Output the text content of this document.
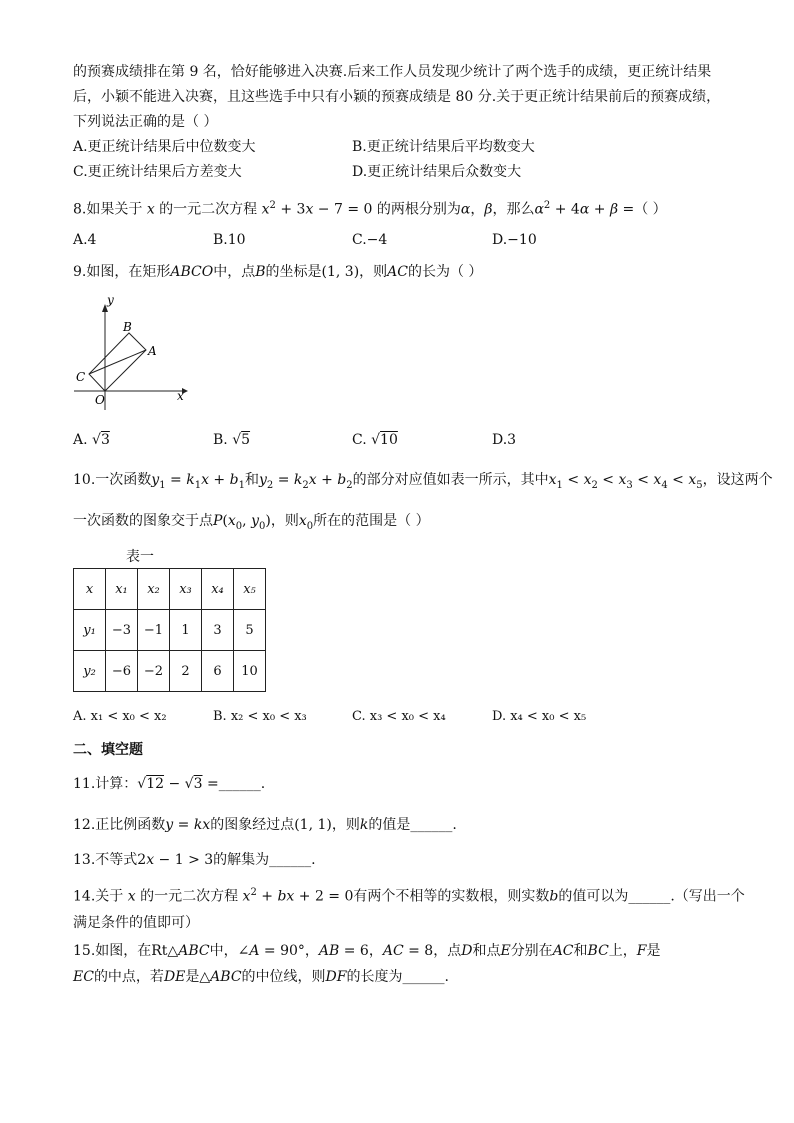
的预赛成绩排在第 9 名，恰好能够进入决赛.后来工作人员发现少统计了两个选手的成绩，更正统计结果
后，小颖不能进入决赛，且这些选手中只有小颖的预赛成绩是 80 分.关于更正统计结果前后的预赛成绩，
下列说法正确的是（ ）
A.更正统计结果后中位数变大	B.更正统计结果后平均数变大
C.更正统计结果后方差变大	D.更正统计结果后众数变大
8.如果关于 x 的一元二次方程 $x^2 + 3x - 7 = 0$ 的两根分别为α，β，那么$\alpha^2 + 4\alpha + \beta$ =（ ）
A.4	B.10	C.−4	D.−10
9.如图，在矩形ABCO中，点B的坐标是(1, 3)，则AC的长为（ ）
y
x
B
A
C
O
A. √3	B. √5	C. √10	D.3
10.一次函数$y_1 = k_1x + b_1$和$y_2 = k_2x + b_2$的部分对应值如表一所示，其中$x_1 < x_2 < x_3 < x_4 < x_5$，设这两个
一次函数的图象交于点$P(x_0$, $y_0$)，则$x_0$所在的范围是（ ）
表一
x	x₁	x₂	x₃	x₄	x₅
y₁	−3	−1	1	3	5
y₂	−6	−2	2	6	10
A. x₁ < x₀ < x₂	B. x₂ < x₀ < x₃	C. x₃ < x₀ < x₄	D. x₄ < x₀ < x₅
二、填空题
11.计算：√12 − √3 =______.
12.正比例函数y = kx的图象经过点(1, 1)，则k的值是______.
13.不等式2x − 1 > 3的解集为______.
14.关于 x 的一元二次方程 $x^2$ + bx + 2 = 0有两个不相等的实数根，则实数b的值可以为______.（写出一个
满足条件的值即可）
15.如图，在Rt△ABC中，∠A = 90°，AB = 6，AC = 8，点D和点E分别在AC和BC上，F是
EC的中点，若DE是△ABC的中位线，则DF的长度为______.
